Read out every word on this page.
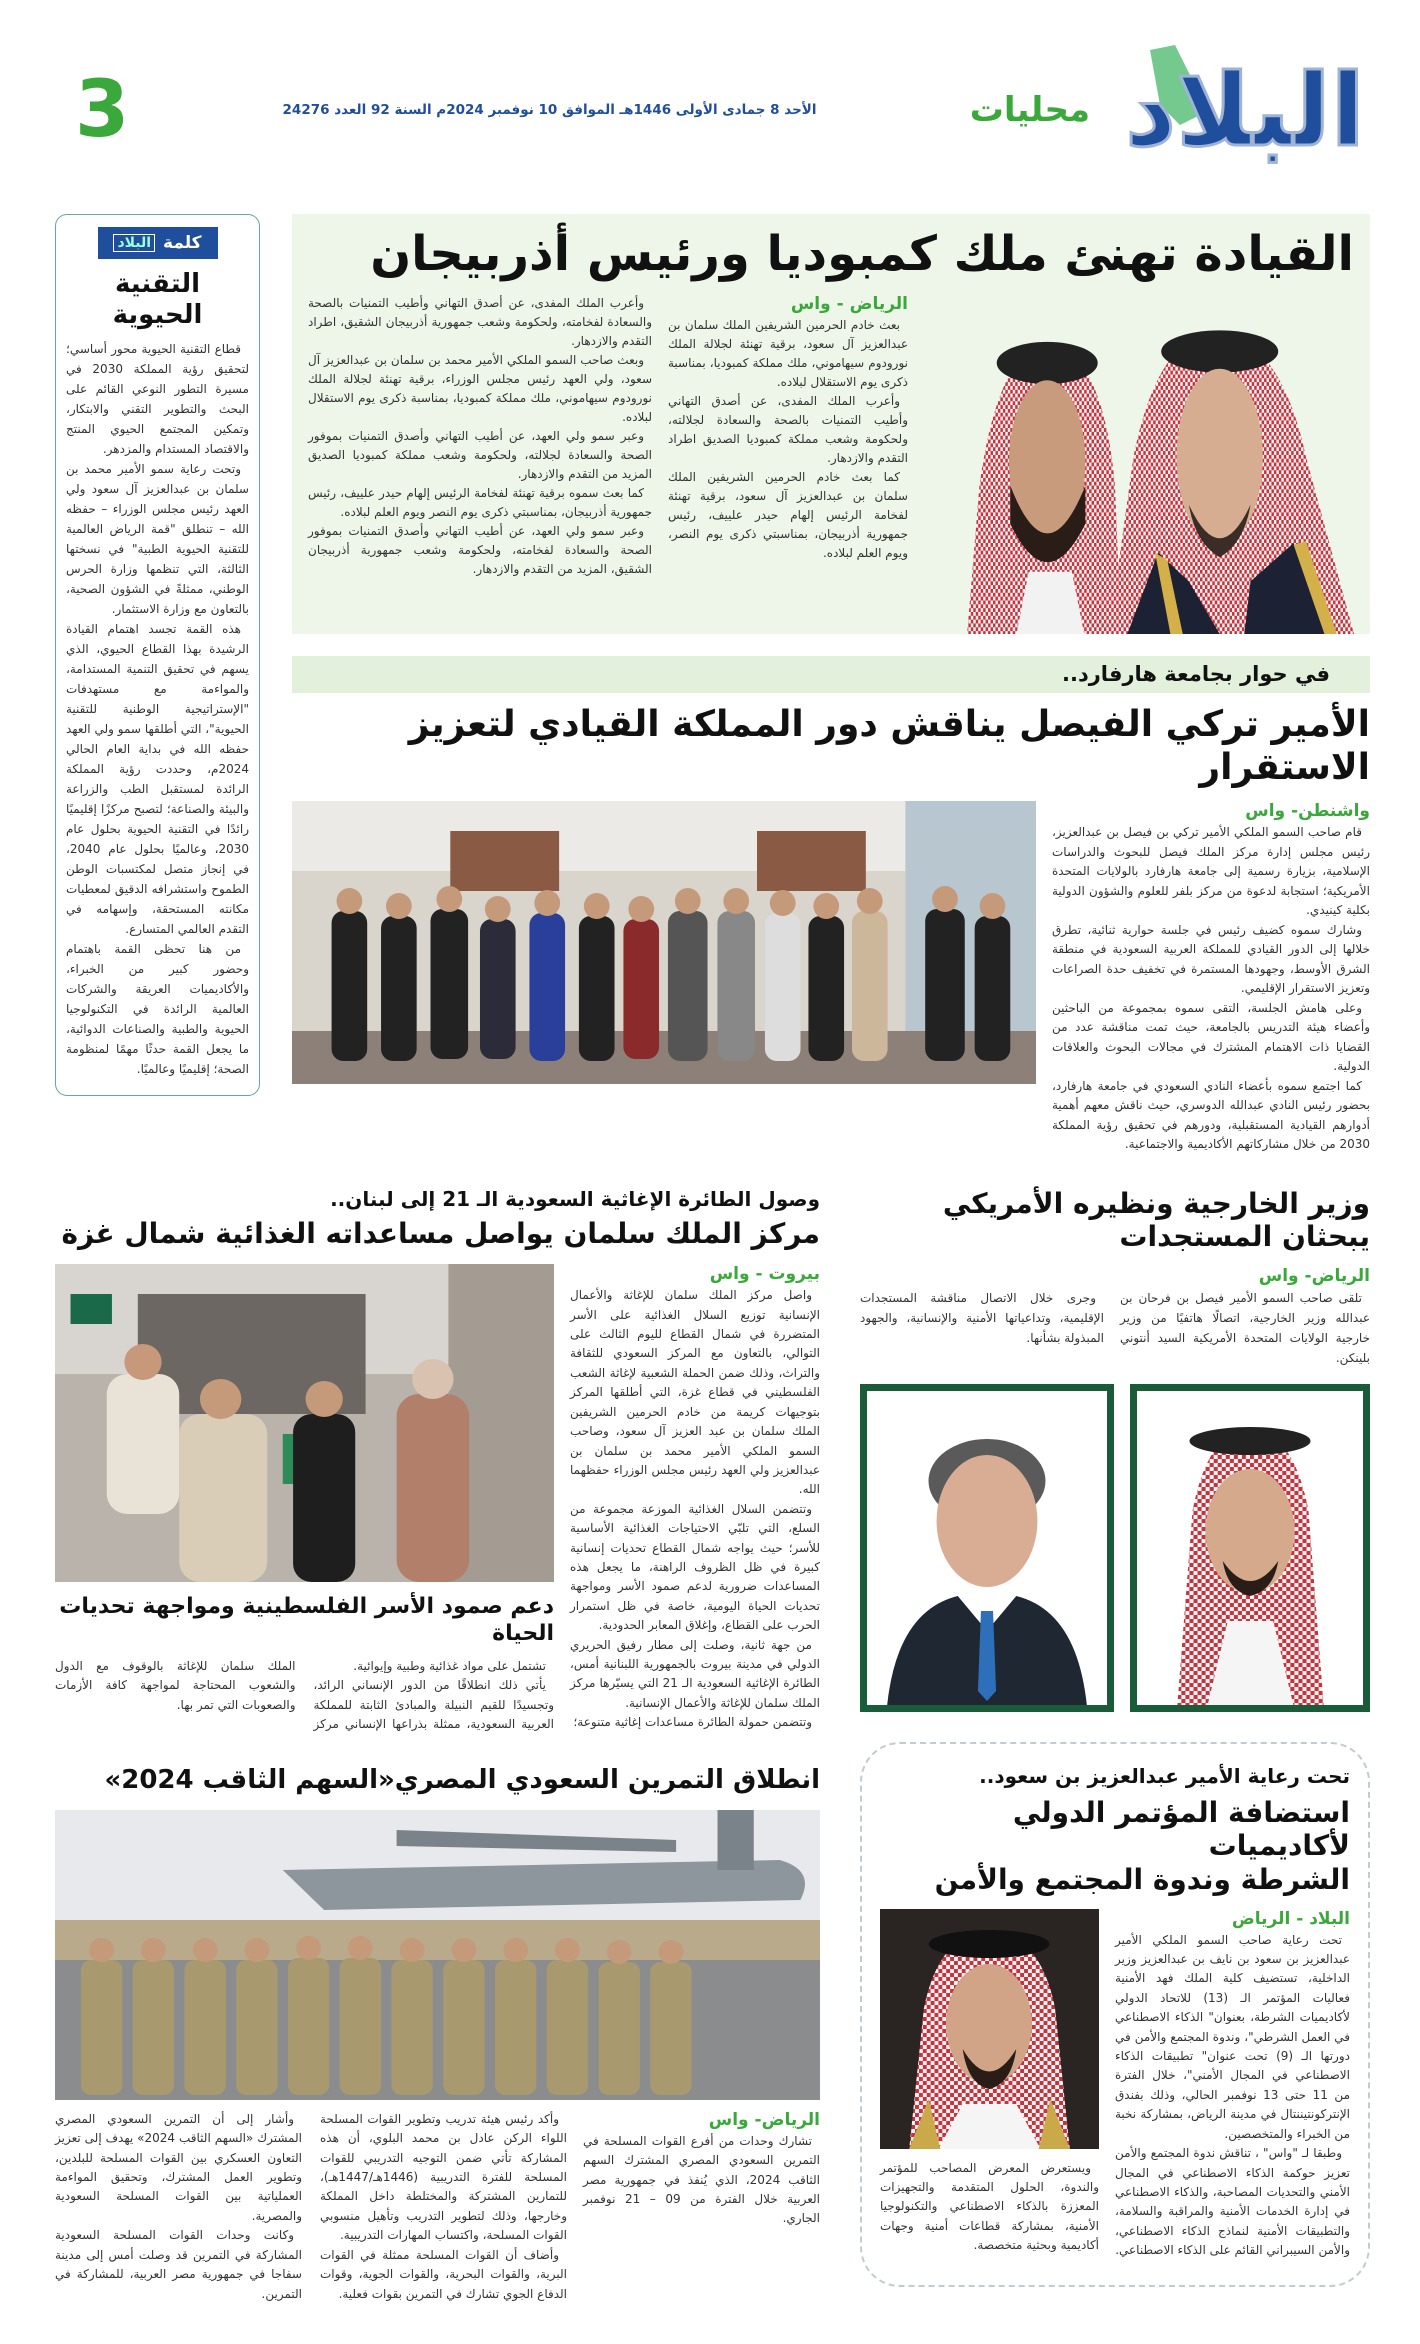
البلاد
محليات
الأحد 8 جمادى الأولى 1446هـ الموافق 10 نوفمبر 2024م السنة 92 العدد 24276
3
القيادة تهنئ ملك كمبوديا ورئيس أذربيجان
الرياض - واس

بعث خادم الحرمين الشريفين الملك سلمان بن عبدالعزيز آل سعود، برقية تهنئة لجلالة الملك نورودوم سيهاموني، ملك مملكة كمبوديا، بمناسبة ذكرى يوم الاستقلال لبلاده.

وأعرب الملك المفدى، عن أصدق التهاني وأطيب التمنيات بالصحة والسعادة لجلالته، ولحكومة وشعب مملكة كمبوديا الصديق اطراد التقدم والازدهار.

كما بعث خادم الحرمين الشريفين الملك سلمان بن عبدالعزيز آل سعود، برقية تهنئة لفخامة الرئيس إلهام حيدر علييف، رئيس جمهورية أذربيجان، بمناسبتي ذكرى يوم النصر، ويوم العلم لبلاده.

وأعرب الملك المفدى، عن أصدق التهاني وأطيب التمنيات بالصحة والسعادة لفخامته، ولحكومة وشعب جمهورية أذربيجان الشقيق، اطراد التقدم والازدهار.

وبعث صاحب السمو الملكي الأمير محمد بن سلمان بن عبدالعزيز آل سعود، ولي العهد رئيس مجلس الوزراء، برقية تهنئة لجلالة الملك نورودوم سيهاموني، ملك مملكة كمبوديا، بمناسبة ذكرى يوم الاستقلال لبلاده.

وعبر سمو ولي العهد، عن أطيب التهاني وأصدق التمنيات بموفور الصحة والسعادة لجلالته، ولحكومة وشعب مملكة كمبوديا الصديق المزيد من التقدم والازدهار.

كما بعث سموه برقية تهنئة لفخامة الرئيس إلهام حيدر علييف، رئيس جمهورية أذربيجان، بمناسبتي ذكرى يوم النصر ويوم العلم لبلاده.

وعبر سمو ولي العهد، عن أطيب التهاني وأصدق التمنيات بموفور الصحة والسعادة لفخامته، ولحكومة وشعب جمهورية أذربيجان الشقيق، المزيد من التقدم والازدهار.

في حوار بجامعة هارفارد..
الأمير تركي الفيصل يناقش دور المملكة القيادي لتعزيز الاستقرار
واشنطن- واس

قام صاحب السمو الملكي الأمير تركي بن فيصل بن عبدالعزيز، رئيس مجلس إدارة مركز الملك فيصل للبحوث والدراسات الإسلامية، بزيارة رسمية إلى جامعة هارفارد بالولايات المتحدة الأمريكية؛ استجابة لدعوة من مركز بلفر للعلوم والشؤون الدولية بكلية كينيدي.

وشارك سموه كضيف رئيس في جلسة حوارية ثنائية، تطرق خلالها إلى الدور القيادي للمملكة العربية السعودية في منطقة الشرق الأوسط، وجهودها المستمرة في تخفيف حدة الصراعات وتعزيز الاستقرار الإقليمي.

وعلى هامش الجلسة، التقى سموه بمجموعة من الباحثين وأعضاء هيئة التدريس بالجامعة، حيث تمت مناقشة عدد من القضايا ذات الاهتمام المشترك في مجالات البحوث والعلاقات الدولية.

كما اجتمع سموه بأعضاء النادي السعودي في جامعة هارفارد، بحضور رئيس النادي عبدالله الدوسري، حيث ناقش معهم أهمية أدوارهم القيادية المستقبلية، ودورهم في تحقيق رؤية المملكة 2030 من خلال مشاركاتهم الأكاديمية والاجتماعية.

كلمة
البلاد
التقنية الحيوية

قطاع التقنية الحيوية محور أساسي؛ لتحقيق رؤية المملكة 2030 في مسيرة التطور النوعي القائم على البحث والتطوير التقني والابتكار، وتمكين المجتمع الحيوي المنتج والاقتصاد المستدام والمزدهر.

وتحت رعاية سمو الأمير محمد بن سلمان بن عبدالعزيز آل سعود ولي العهد رئيس مجلس الوزراء – حفظه الله – تنطلق "قمة الرياض العالمية للتقنية الحيوية الطبية" في نسختها الثالثة، التي تنظمها وزارة الحرس الوطني، ممثلةً في الشؤون الصحية، بالتعاون مع وزارة الاستثمار.

هذه القمة تجسد اهتمام القيادة الرشيدة بهذا القطاع الحيوي، الذي يسهم في تحقيق التنمية المستدامة، والمواءمة مع مستهدفات "الإستراتيجية الوطنية للتقنية الحيوية"، التي أطلقها سمو ولي العهد حفظه الله في بداية العام الحالي 2024م، وحددت رؤية المملكة الرائدة لمستقبل الطب والزراعة والبيئة والصناعة؛ لتصبح مركزًا إقليميًا رائدًا في التقنية الحيوية بحلول عام 2030، وعالميًا بحلول عام 2040، في إنجاز متصل لمكتسبات الوطن الطموح واستشرافه الدقيق لمعطيات مكانته المستحقة، وإسهامه في التقدم العالمي المتسارع.

من هنا تحظى القمة باهتمام وحضور كبير من الخبراء، والأكاديميات العريقة والشركات العالمية الرائدة في التكنولوجيا الحيوية والطبية والصناعات الدوائية، ما يجعل القمة حدثًا مهمًا لمنظومة الصحة؛ إقليميًا وعالميًا.

وزير الخارجية ونظيره الأمريكي يبحثان المستجدات
الرياض- واس

تلقى صاحب السمو الأمير فيصل بن فرحان بن عبدالله وزير الخارجية، اتصالًا هاتفيًا من وزير خارجية الولايات المتحدة الأمريكية السيد أنتوني بلينكن.

وجرى خلال الاتصال مناقشة المستجدات الإقليمية، وتداعياتها الأمنية والإنسانية، والجهود المبذولة بشأنها.

تحت رعاية الأمير عبدالعزيز بن سعود..
استضافة المؤتمر الدولي لأكاديميات
الشرطة وندوة المجتمع والأمن
البلاد - الرياض

تحت رعاية صاحب السمو الملكي الأمير عبدالعزيز بن سعود بن نايف بن عبدالعزيز وزير الداخلية، تستضيف كلية الملك فهد الأمنية فعاليات المؤتمر الـ (13) للاتحاد الدولي لأكاديميات الشرطة، بعنوان" الذكاء الاصطناعي في العمل الشرطي"، وندوة المجتمع والأمن في دورتها الـ (9) تحت عنوان" تطبيقات الذكاء الاصطناعي في المجال الأمني"، خلال الفترة من 11 حتى 13 نوفمبر الحالي، وذلك بفندق الإنتركونتيننتال في مدينة الرياض، بمشاركة نخبة من الخبراء والمتخصصين.

وطبقا لـ "واس" ، تناقش ندوة المجتمع والأمن تعزيز حوكمة الذكاء الاصطناعي في المجال الأمني والتحديات المصاحبة، والذكاء الاصطناعي في إدارة الخدمات الأمنية والمراقبة والسلامة، والتطبيقات الأمنية لنماذج الذكاء الاصطناعي، والأمن السيبراني القائم على الذكاء الاصطناعي.

ويستعرض المعرض المصاحب للمؤتمر والندوة، الحلول المتقدمة والتجهيزات المعززة بالذكاء الاصطناعي والتكنولوجيا الأمنية، بمشاركة قطاعات أمنية وجهات أكاديمية وبحثية متخصصة.

وصول الطائرة الإغاثية السعودية الـ 21 إلى لبنان..
مركز الملك سلمان يواصل مساعداته الغذائية شمال غزة
بيروت - واس

واصل مركز الملك سلمان للإغاثة والأعمال الإنسانية توزيع السلال الغذائية على الأسر المتضررة في شمال القطاع لليوم الثالث على التوالي، بالتعاون مع المركز السعودي للثقافة والتراث، وذلك ضمن الحملة الشعبية لإغاثة الشعب الفلسطيني في قطاع غزة، التي أطلقها المركز بتوجيهات كريمة من خادم الحرمين الشريفين الملك سلمان بن عبد العزيز آل سعود، وصاحب السمو الملكي الأمير محمد بن سلمان بن عبدالعزيز ولي العهد رئيس مجلس الوزراء حفظهما الله.

وتتضمن السلال الغذائية الموزعة مجموعة من السلع، التي تلبّي الاحتياجات الغذائية الأساسية للأسر؛ حيث يواجه شمال القطاع تحديات إنسانية كبيرة في ظل الظروف الراهنة، ما يجعل هذه المساعدات ضرورية لدعم صمود الأسر ومواجهة تحديات الحياة اليومية، خاصة في ظل استمرار الحرب على القطاع، وإغلاق المعابر الحدودية.

من جهة ثانية، وصلت إلى مطار رفيق الحريري الدولي في مدينة بيروت بالجمهورية اللبنانية أمس، الطائرة الإغاثية السعودية الـ 21 التي يسيّرها مركز الملك سلمان للإغاثة والأعمال الإنسانية.

وتتضمن حمولة الطائرة مساعدات إغاثية متنوعة؛

دعم صمود الأسر الفلسطينية ومواجهة تحديات الحياة

تشتمل على مواد غذائية وطبية وإيوائية.

يأتي ذلك انطلاقًا من الدور الإنساني الرائد، وتجسيدًا للقيم النبيلة والمبادئ الثابتة للمملكة العربية السعودية، ممثلة بذراعها الإنساني مركز الملك سلمان للإغاثة بالوقوف مع الدول والشعوب المحتاجة لمواجهة كافة الأزمات والصعوبات التي تمر بها.

انطلاق التمرين السعودي المصري«السهم الثاقب 2024»
الرياض- واس

تشارك وحدات من أفرع القوات المسلحة في التمرين السعودي المصري المشترك السهم الثاقب 2024، الذي يُنفذ في جمهورية مصر العربية خلال الفترة من 09 – 21 نوفمبر الجاري.

وأكد رئيس هيئة تدريب وتطوير القوات المسلحة اللواء الركن عادل بن محمد البلوي، أن هذه المشاركة تأتي ضمن التوجيه التدريبي للقوات المسلحة للفترة التدريبية (1446هـ/1447هـ)، للتمارين المشتركة والمختلطة داخل المملكة وخارجها، وذلك لتطوير التدريب وتأهيل منسوبي القوات المسلحة، واكتساب المهارات التدريبية.

وأضاف أن القوات المسلحة ممثلة في القوات البرية، والقوات البحرية، والقوات الجوية، وقوات الدفاع الجوي تشارك في التمرين بقوات فعلية.

وأشار إلى أن التمرين السعودي المصري المشترك «السهم الثاقب 2024» يهدف إلى تعزيز التعاون العسكري بين القوات المسلحة للبلدين، وتطوير العمل المشترك، وتحقيق المواءمة العملياتية بين القوات المسلحة السعودية والمصرية.

وكانت وحدات القوات المسلحة السعودية المشاركة في التمرين قد وصلت أمس إلى مدينة سفاجا في جمهورية مصر العربية، للمشاركة في التمرين.
